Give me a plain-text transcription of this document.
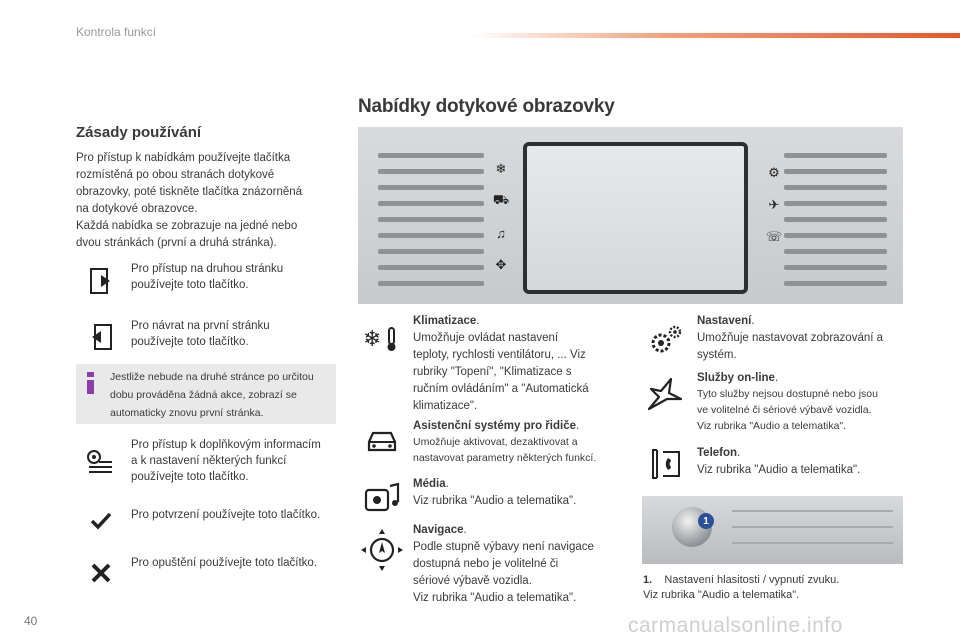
Kontrola funkcí
Zásady používání
Pro přístup k nabídkám používejte tlačítka
rozmístěná po obou stranách dotykové
obrazovky, poté tiskněte tlačítka znázorněná
na dotykové obrazovce.
Každá nabídka se zobrazuje na jedné nebo
dvou stránkách (první a druhá stránka).
Pro přístup na druhou stránku
používejte toto tlačítko.
Pro návrat na první stránku
používejte toto tlačítko.
Jestliže nebude na druhé stránce po určitou
dobu prováděna žádná akce, zobrazí se
automaticky znovu první stránka.
Pro přístup k doplňkovým informacím
a k nastavení některých funkcí
používejte toto tlačítko.
Pro potvrzení používejte toto tlačítko.
Pro opuštění používejte toto tlačítko.
Nabídky dotykové obrazovky
❄
⛟
♫
✥
⚙
✈
☏
❄
Klimatizace.
Umožňuje ovládat nastavení
teploty, rychlosti ventilátoru, ... Viz
rubriky "Topení", "Klimatizace s
ručním ovládáním" a "Automatická
klimatizace".
Asistenční systémy pro řidiče.
Umožňuje aktivovat, dezaktivovat a
nastavovat parametry některých funkcí.
Média.
Viz rubrika "Audio a telematika".
Navigace.
Podle stupně výbavy není navigace
dostupná nebo je volitelné či
sériové výbavě vozidla.
Viz rubrika "Audio a telematika".
Nastavení.
Umožňuje nastavovat zobrazování a
systém.
Služby on-line.
Tyto služby nejsou dostupné nebo jsou
ve volitelné či sériové výbavě vozidla.
Viz rubrika "Audio a telematika".
Telefon.
Viz rubrika "Audio a telematika".
1
1. Nastavení hlasitosti / vypnutí zvuku.
Viz rubrika "Audio a telematika".
40	carmanualsonline.info
